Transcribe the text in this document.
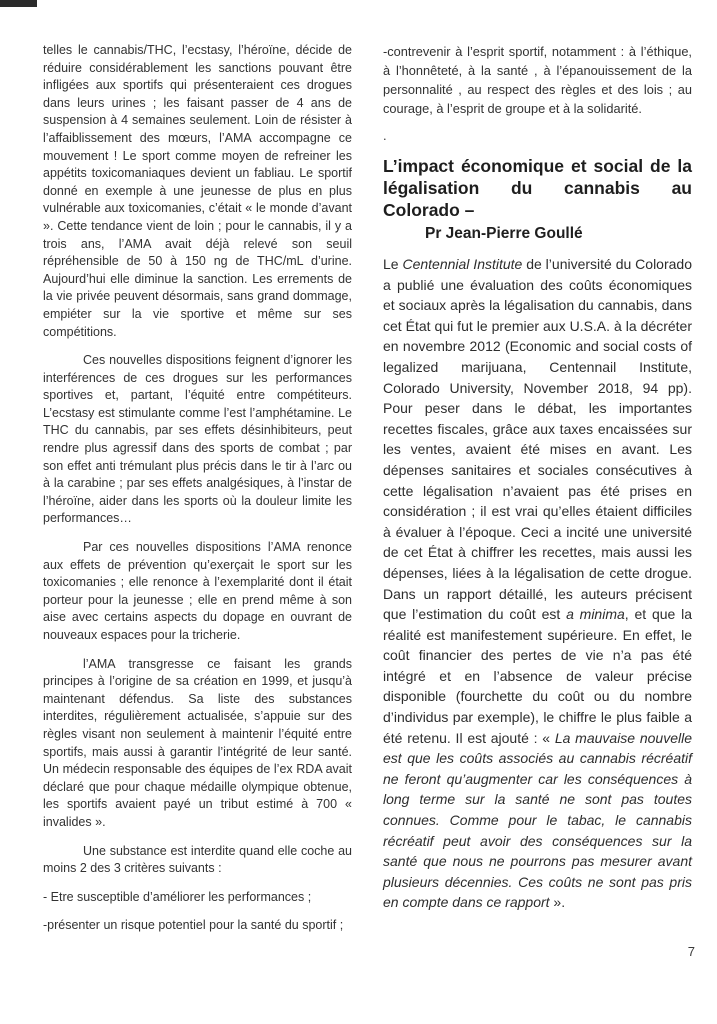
telles le cannabis/THC, l’ecstasy, l’héroïne, décide de réduire considérablement les sanctions pouvant être infligées aux sportifs qui présenteraient ces drogues dans leurs urines ; les faisant passer de 4 ans de suspension à 4 semaines seulement. Loin de résister à l’affaiblissement des mœurs, l’AMA accompagne ce mouvement ! Le sport comme moyen de refreiner les appétits toxicomaniaques devient un fabliau. Le sportif donné en exemple à une jeunesse de plus en plus vulnérable aux toxicomanies, c’était « le monde d’avant ». Cette tendance vient de loin ; pour le cannabis, il y a trois ans, l’AMA avait déjà relevé son seuil répréhensible de 50 à 150 ng de THC/mL d’urine. Aujourd’hui elle diminue la sanction. Les errements de la vie privée peuvent désormais, sans grand dommage, empiéter sur la vie sportive et même sur ses compétitions.

Ces nouvelles dispositions feignent d’ignorer les interférences de ces drogues sur les performances sportives et, partant, l’équité entre compétiteurs. L’ecstasy est stimulante comme l’est l’amphétamine. Le THC du cannabis, par ses effets désinhibiteurs, peut rendre plus agressif dans des sports de combat ; par son effet anti trémulant plus précis dans le tir à l’arc ou à la carabine ; par ses effets analgésiques, à l’instar de l’héroïne, aider dans les sports où la douleur limite les performances…

Par ces nouvelles dispositions l’AMA renonce aux effets de prévention qu’exerçait le sport sur les toxicomanies ; elle renonce à l’exemplarité dont il était porteur pour la jeunesse ; elle en prend même à son aise avec certains aspects du dopage en ouvrant de nouveaux espaces pour la tricherie.

l’AMA transgresse ce faisant les grands principes à l’origine de sa création en 1999, et jusqu’à maintenant défendus. Sa liste des substances interdites, régulièrement actualisée, s’appuie sur des règles visant non seulement à maintenir l’équité entre sportifs, mais aussi à garantir l’intégrité de leur santé. Un médecin responsable des équipes de l’ex RDA avait déclaré que pour chaque médaille olympique obtenue, les sportifs avaient payé un tribut estimé à 700 « invalides ».

Une substance est interdite quand elle coche au moins 2 des 3 critères suivants :

- Etre susceptible d’améliorer les performances ;

-présenter un risque potentiel pour la santé du sportif ;

-contrevenir à l’esprit sportif, notamment : à l’éthique, à l’honnêteté, à la santé , à l’épanouissement de la personnalité , au respect des règles et des lois ; au courage, à l’esprit de groupe et à la solidarité.

.

L’impact économique et social de la légalisation du cannabis au Colorado –

Pr Jean-Pierre Goullé

Le Centennial Institute de l’université du Colorado a publié une évaluation des coûts économiques et sociaux après la légalisation du cannabis, dans cet État qui fut le premier aux U.S.A. à la décréter en novembre 2012 (Economic and social costs of legalized marijuana, Centennail Institute, Colorado University, November 2018, 94 pp). Pour peser dans le débat, les importantes recettes fiscales, grâce aux taxes encaissées sur les ventes, avaient été mises en avant. Les dépenses sanitaires et sociales consécutives à cette légalisation n’avaient pas été prises en considération ; il est vrai qu’elles étaient difficiles à évaluer à l’époque. Ceci a incité une université de cet État à chiffrer les recettes, mais aussi les dépenses, liées à la légalisation de cette drogue. Dans un rapport détaillé, les auteurs précisent que l’estimation du coût est a minima, et que la réalité est manifestement supérieure. En effet, le coût financier des pertes de vie n’a pas été intégré et en l’absence de valeur précise disponible (fourchette du coût ou du nombre d’individus par exemple), le chiffre le plus faible a été retenu. Il est ajouté : « La mauvaise nouvelle est que les coûts associés au cannabis récréatif ne feront qu’augmenter car les conséquences à long terme sur la santé ne sont pas toutes connues. Comme pour le tabac, le cannabis récréatif peut avoir des conséquences sur la santé que nous ne pourrons pas mesurer avant plusieurs décennies. Ces coûts ne sont pas pris en compte dans ce rapport ».

7
